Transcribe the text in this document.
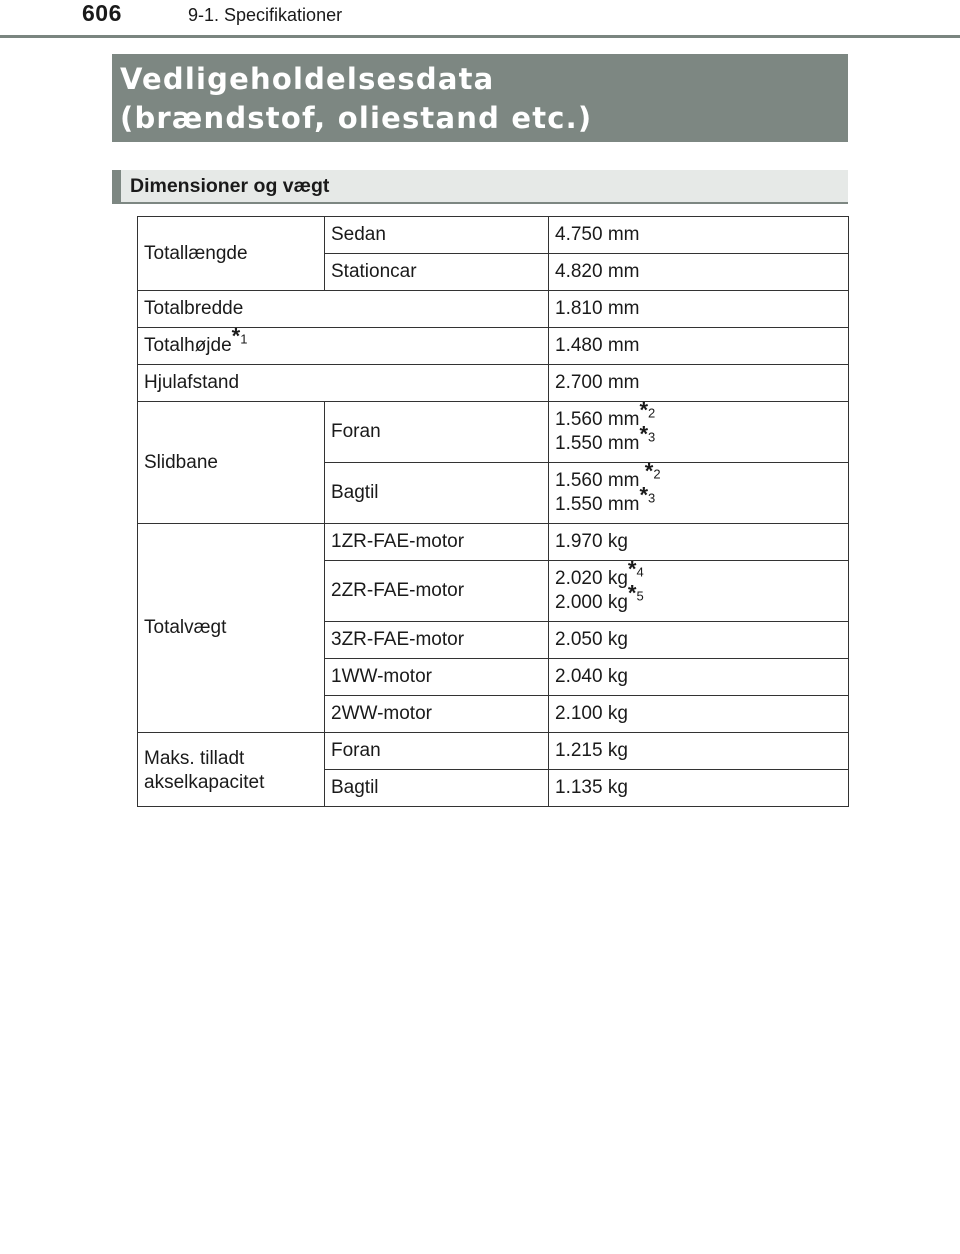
606	9-1. Specifikationer
Vedligeholdelsesdata
(brændstof, oliestand etc.)
Dimensioner og vægt
Totallængde	Sedan	4.750 mm
	Stationcar	4.820 mm
Totalbredde		1.810 mm
Totalhøjde*$^1$		1.480 mm
Hjulafstand		2.700 mm
Slidbane	Foran	1.560 mm*$^2$
1.550 mm*$^3$

	Bagtil	1.560 mm *$^2$
1.550 mm*$^3$

Totalvægt	1ZR-FAE-motor	1.970 kg
	2ZR-FAE-motor	2.020 kg*$^4$
2.000 kg*$^5$

	3ZR-FAE-motor	2.050 kg
	1WW-motor	2.040 kg
	2WW-motor	2.100 kg

Maks. tilladt
akselkapacitet	Foran	1.215 kg
	Bagtil	1.135 kg
